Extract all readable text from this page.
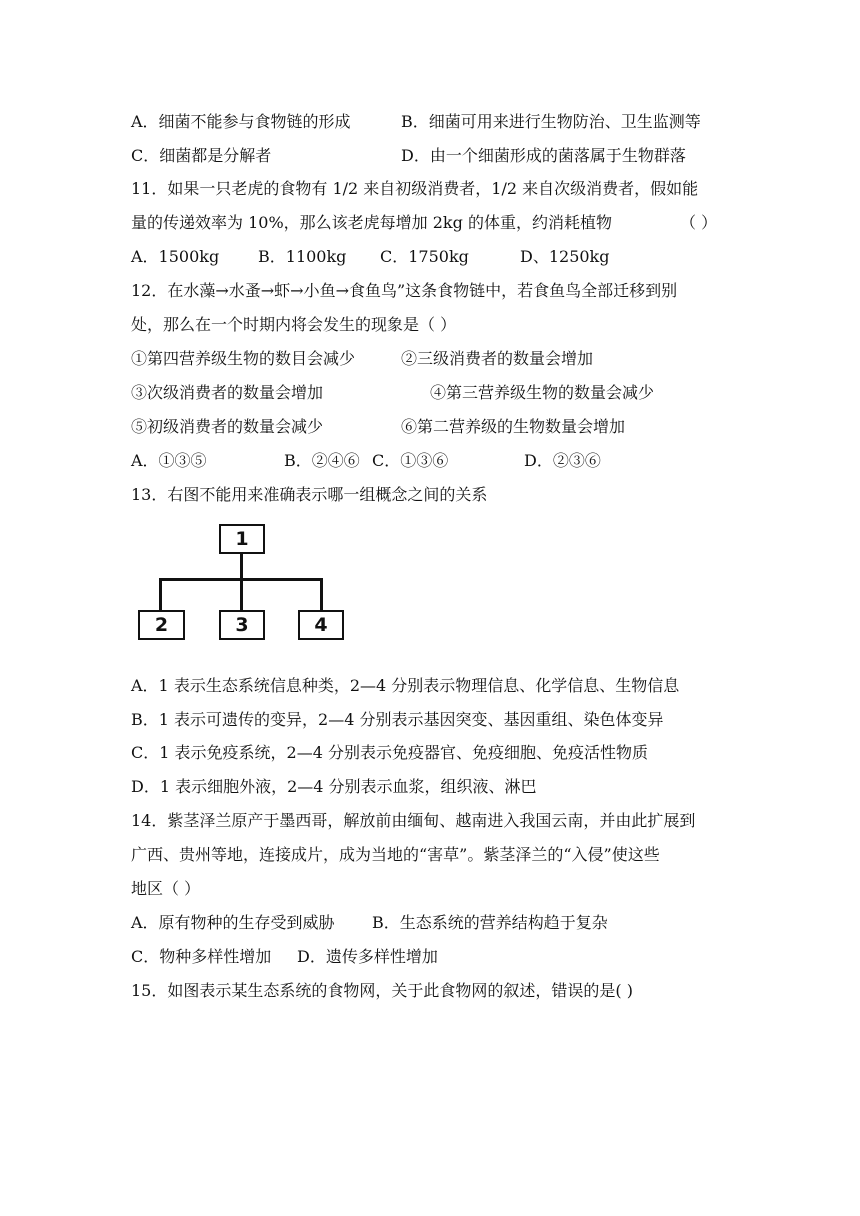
A．细菌不能参与食物链的形成	B．细菌可用来进行生物防治、卫生监测等
C．细菌都是分解者	D．由一个细菌形成的菌落属于生物群落
11．如果一只老虎的食物有 1/2 来自初级消费者，1/2 来自次级消费者，假如能
量的传递效率为 10%，那么该老虎每增加 2kg 的体重，约消耗植物	（ ）
A．1500kg B．1100kg C．1750kg	D、1250kg
12．在水藻→水蚤→虾→小鱼→食鱼鸟”这条食物链中，若食鱼鸟全部迁移到别
处，那么在一个时期内将会发生的现象是（ ）
①第四营养级生物的数目会减少	②三级消费者的数量会增加
③次级消费者的数量会增加	④第三营养级生物的数量会减少
⑤初级消费者的数量会减少	⑥第二营养级的生物数量会增加
A．①③⑤	B．②④⑥ C．①③⑥	D．②③⑥
13．右图不能用来准确表示哪一组概念之间的关系
1
2	3	4
A．1 表示生态系统信息种类，2—4 分别表示物理信息、化学信息、生物信息
B．1 表示可遗传的变异，2—4 分别表示基因突变、基因重组、染色体变异
C．1 表示免疫系统，2—4 分别表示免疫器官、免疫细胞、免疫活性物质
D．1 表示细胞外液，2—4 分别表示血浆，组织液、淋巴
14．紫茎泽兰原产于墨西哥，解放前由缅甸、越南进入我国云南，并由此扩展到
广西、贵州等地，连接成片，成为当地的“害草”。紫茎泽兰的“入侵”使这些
地区（ ）
A．原有物种的生存受到威胁 B．生态系统的营养结构趋于复杂
C．物种多样性增加 D．遗传多样性增加
15．如图表示某生态系统的食物网，关于此食物网的叙述，错误的是( )
